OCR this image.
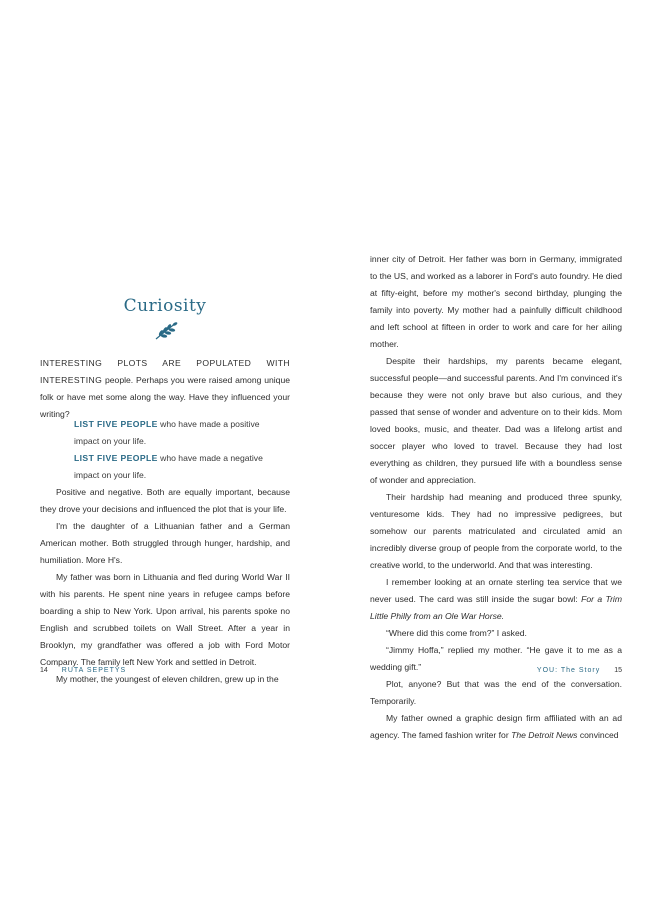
Curiosity

INTERESTING PLOTS ARE POPULATED WITH INTERESTING people. Perhaps you were raised among unique folk or have met some along the way. Have they influenced your writing?

LIST FIVE PEOPLE who have made a positive impact on your life.

LIST FIVE PEOPLE who have made a negative impact on your life.

Positive and negative. Both are equally important, because they drove your decisions and influenced the plot that is your life.

I'm the daughter of a Lithuanian father and a German American mother. Both struggled through hunger, hardship, and humiliation. More H's.

My father was born in Lithuania and fled during World War II with his parents. He spent nine years in refugee camps before boarding a ship to New York. Upon arrival, his parents spoke no English and scrubbed toilets on Wall Street. After a year in Brooklyn, my grandfather was offered a job with Ford Motor Company. The family left New York and settled in Detroit.

My mother, the youngest of eleven children, grew up in the

14 RUTA SEPETYS

inner city of Detroit. Her father was born in Germany, immigrated to the US, and worked as a laborer in Ford's auto foundry. He died at fifty-eight, before my mother's second birthday, plunging the family into poverty. My mother had a painfully difficult childhood and left school at fifteen in order to work and care for her ailing mother.

Despite their hardships, my parents became elegant, successful people—and successful parents. And I'm convinced it's because they were not only brave but also curious, and they passed that sense of wonder and adventure on to their kids. Mom loved books, music, and theater. Dad was a lifelong artist and soccer player who loved to travel. Because they had lost everything as children, they pursued life with a boundless sense of wonder and appreciation.

Their hardship had meaning and produced three spunky, venturesome kids. They had no impressive pedigrees, but somehow our parents matriculated and circulated amid an incredibly diverse group of people from the corporate world, to the creative world, to the underworld. And that was interesting.

I remember looking at an ornate sterling tea service that we never used. The card was still inside the sugar bowl: For a Trim Little Philly from an Ole War Horse.

“Where did this come from?” I asked.

“Jimmy Hoffa,” replied my mother. “He gave it to me as a wedding gift.”

Plot, anyone? But that was the end of the conversation. Temporarily.

My father owned a graphic design firm affiliated with an ad agency. The famed fashion writer for The Detroit News convinced

YOU: The Story 15
